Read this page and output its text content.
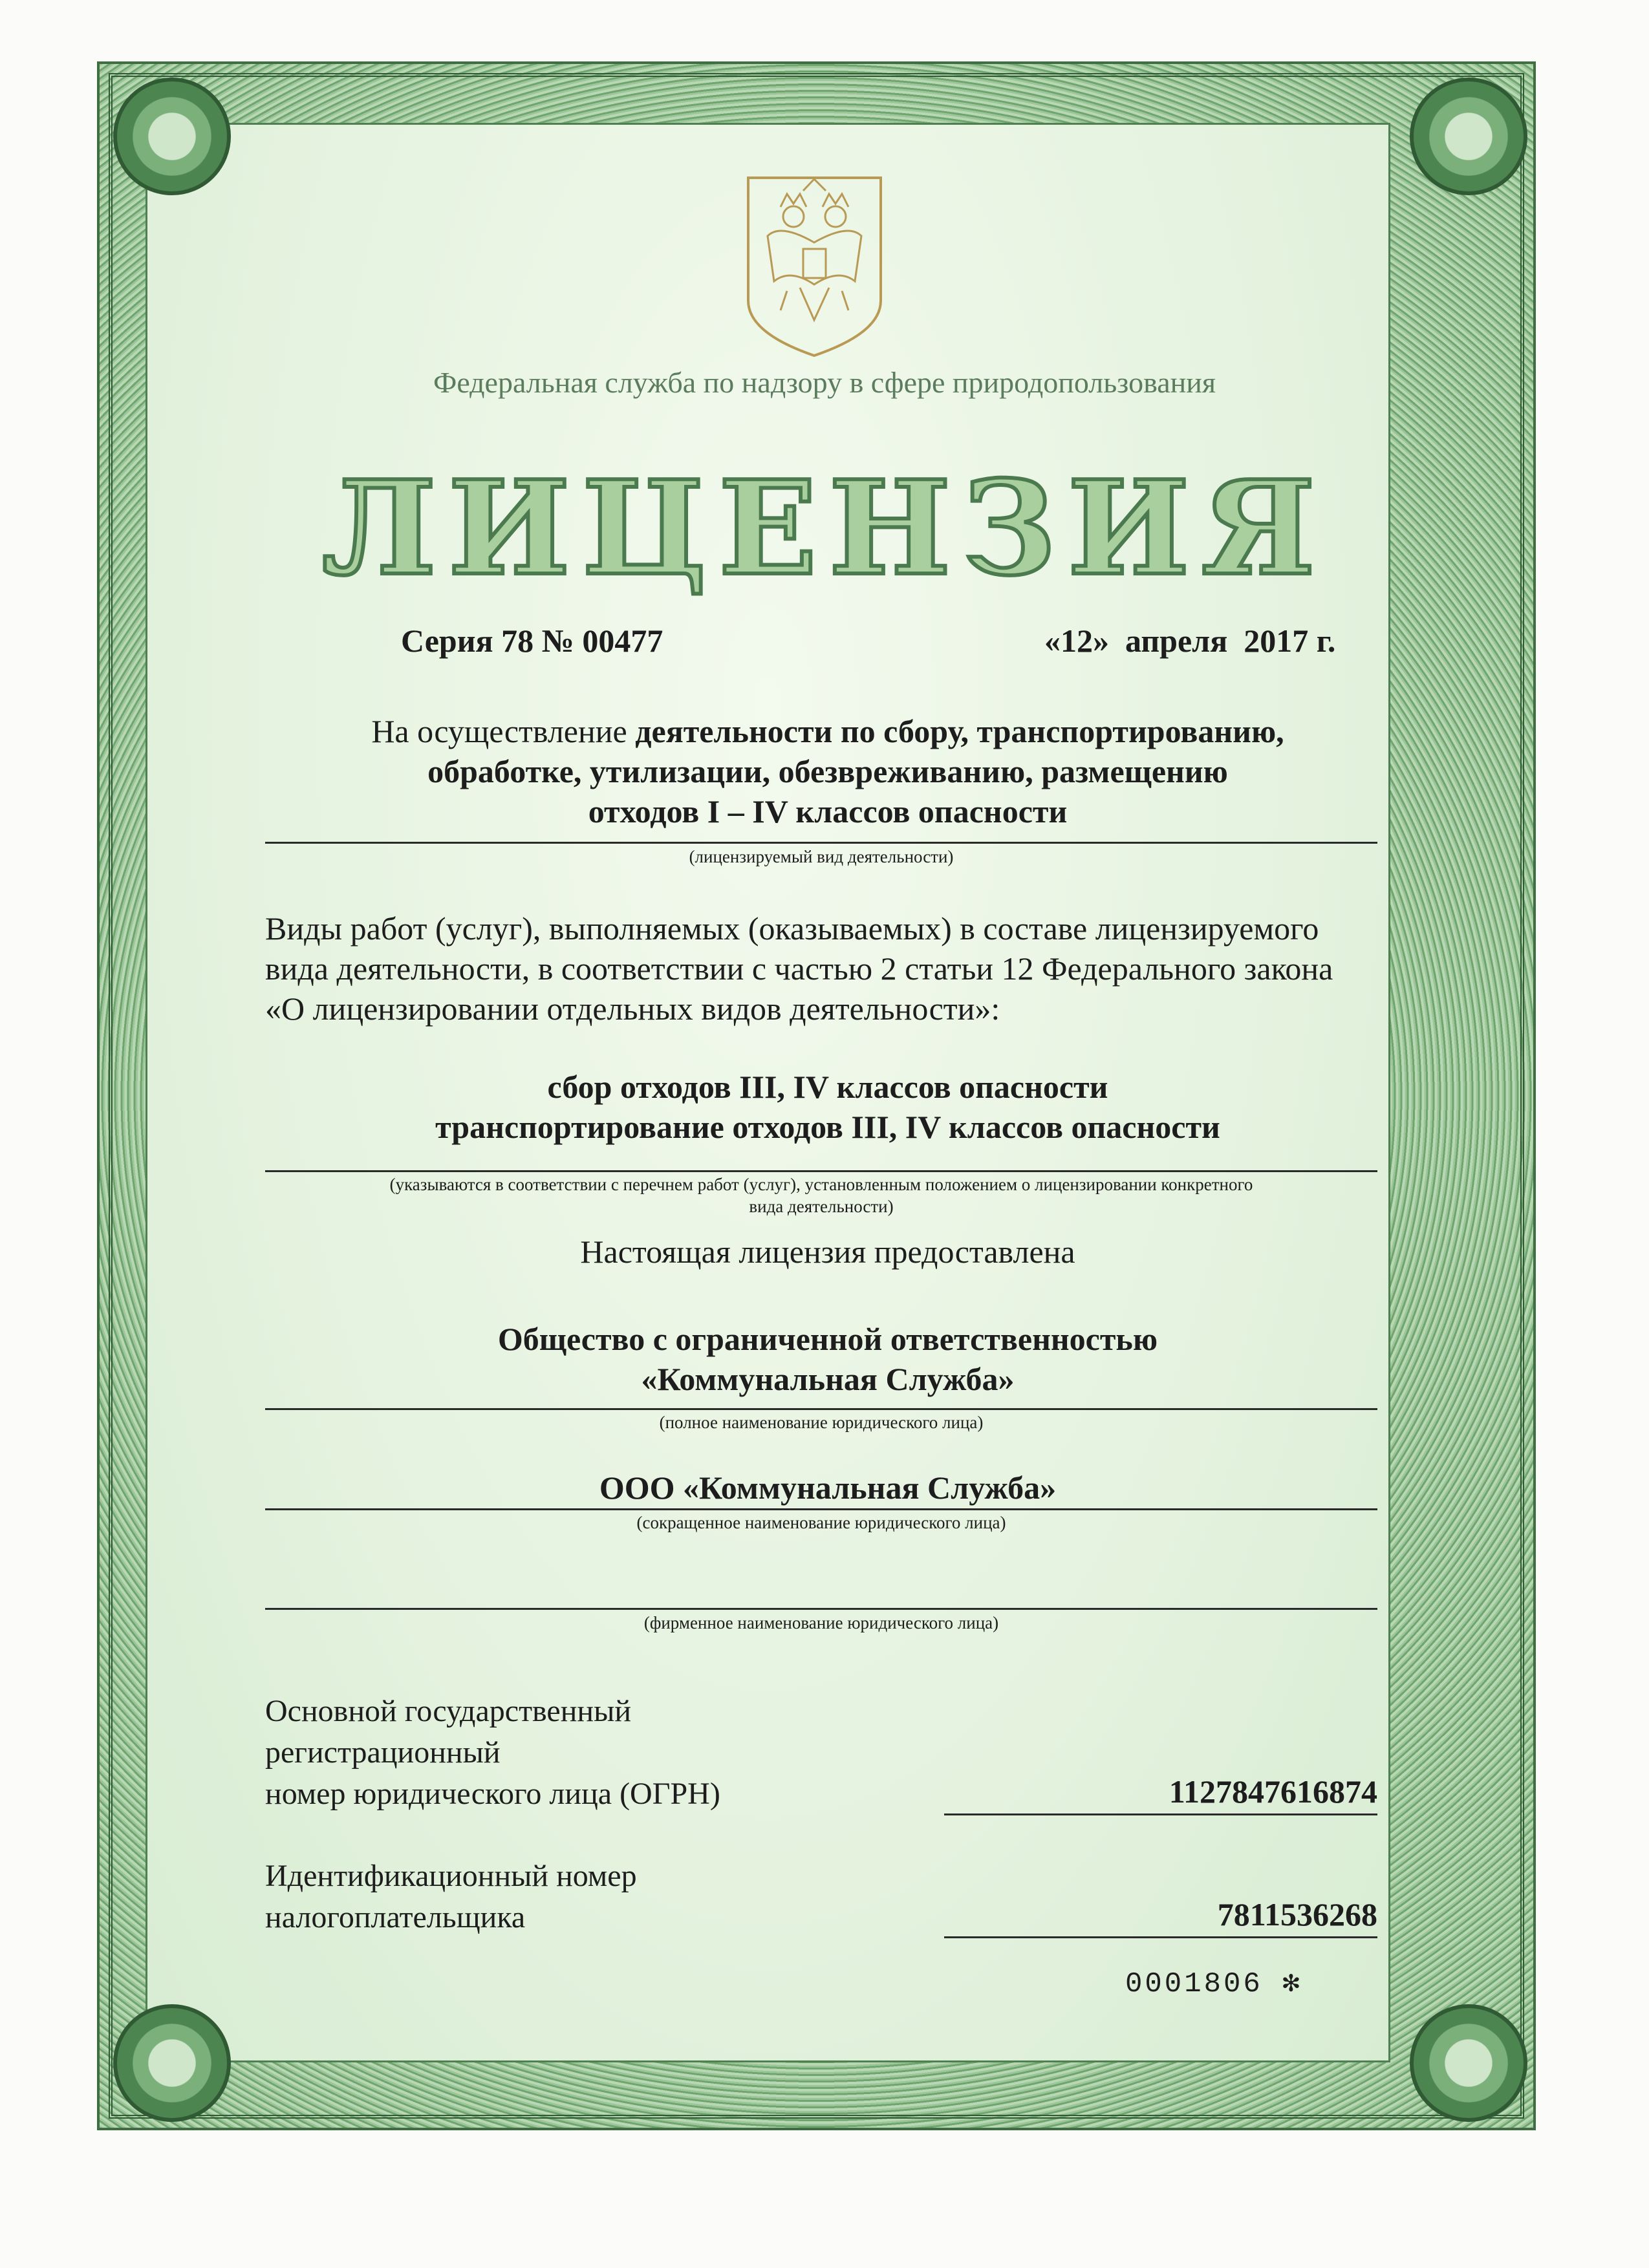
Федеральная служба по надзору в сфере природопользования
ЛИЦЕНЗИЯ
Серия 78 № 00477	«12»  апреля  2017 г.
На осуществление деятельности по сбору, транспортированию,
обработке, утилизации, обезвреживанию, размещению
отходов I – IV классов опасности
(лицензируемый вид деятельности)
Виды работ (услуг), выполняемых (оказываемых) в составе лицензируемого
вида деятельности, в соответствии с частью 2 статьи 12 Федерального закона
«О лицензировании отдельных видов деятельности»:
сбор отходов III, IV классов опасности
транспортирование отходов III, IV классов опасности
(указываются в соответствии с перечнем работ (услуг), установленным положением о лицензировании конкретного
вида деятельности)
Настоящая лицензия предоставлена
Общество с ограниченной ответственностью
«Коммунальная Служба»
(полное наименование юридического лица)
ООО «Коммунальная Служба»
(сокращенное наименование юридического лица)
(фирменное наименование юридического лица)
Основной государственный
регистрационный
номер юридического лица (ОГРН)	1127847616874
Идентификационный номер
налогоплательщика	7811536268
0001806 ✻
